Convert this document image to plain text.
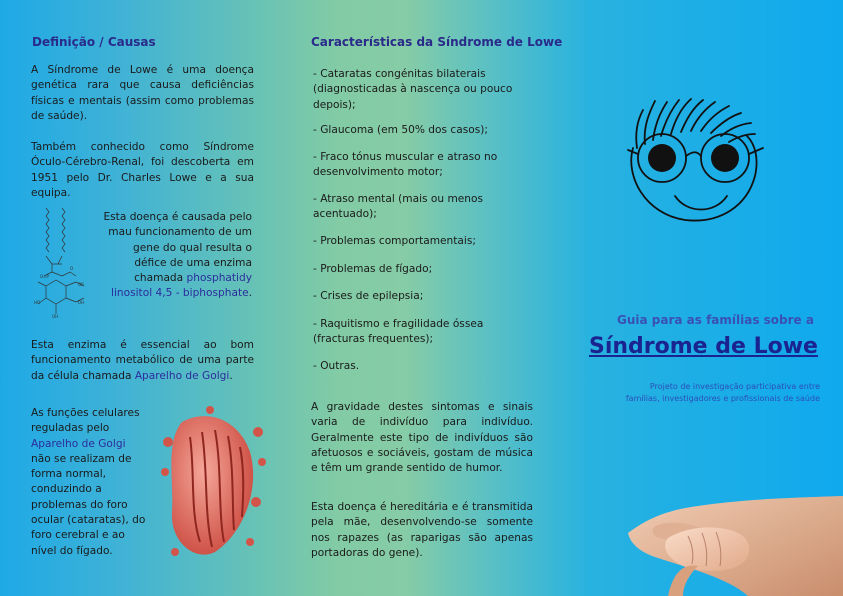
Definição / Causas

A Síndrome de Lowe é uma doença genética rara que causa deficiências físicas e mentais (assim como problemas de saúde).

Também conhecido como Síndrome Óculo-Cérebro-Renal, foi descoberta em 1951 pelo Dr. Charles Lowe e a sua equipa.

O=P
O
HO
OP
OH
OH

Esta doença é causada pelo
mau funcionamento de um
gene do qual resulta o
défice de uma enzima
chamada phosphatidy
linositol 4,5 - biphosphate.

Esta enzima é essencial ao bom funcionamento metabólico de uma parte da célula chamada Aparelho de Golgi.

As funções celulares
reguladas pelo
Aparelho de Golgi
não se realizam de
forma normal,
conduzindo a
problemas do foro
ocular (cataratas), do
foro cerebral e ao
nível do fígado.

Características da Síndrome de Lowe

- Cataratas congénitas bilaterais (diagnosticadas à nascença ou pouco depois);

- Glaucoma (em 50% dos casos);

- Fraco tónus muscular e atraso no desenvolvimento motor;

- Atraso mental (mais ou menos acentuado);

- Problemas comportamentais;

- Problemas de fígado;

- Crises de epilepsia;

- Raquitismo e fragilidade óssea (fracturas frequentes);

- Outras.

A gravidade destes sintomas e sinais varia de indivíduo para indivíduo. Geralmente este tipo de indivíduos são afetuosos e sociáveis, gostam de música e têm um grande sentido de humor.

Esta doença é hereditária e é transmitida pela mãe, desenvolvendo-se somente nos rapazes (as raparigas são apenas portadoras do gene).

Guia para as famílias sobre a
Síndrome de Lowe
Projeto de investigação participativa entre
famílias, investigadores e profissionais de saúde
